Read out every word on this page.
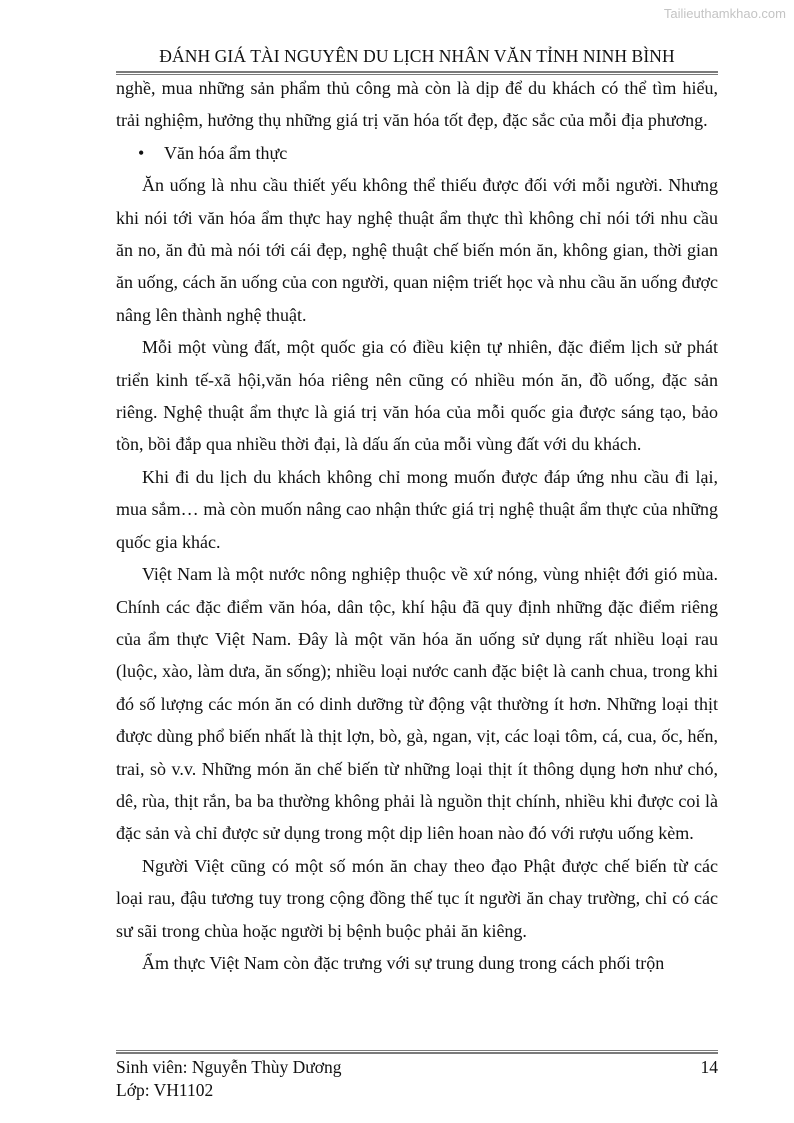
Tailieuthamkhao.com
ĐÁNH GIÁ TÀI NGUYÊN DU LỊCH NHÂN VĂN TỈNH NINH BÌNH

nghề, mua những sản phẩm thủ công mà còn là dịp để du khách có thể tìm hiểu, trải nghiệm, hưởng thụ những giá trị văn hóa tốt đẹp, đặc sắc của mỗi địa phương.

• Văn hóa ẩm thực

Ăn uống là nhu cầu thiết yếu không thể thiếu được đối với mỗi người. Nhưng khi nói tới văn hóa ẩm thực hay nghệ thuật ẩm thực thì không chỉ nói tới nhu cầu ăn no, ăn đủ mà nói tới cái đẹp, nghệ thuật chế biến món ăn, không gian, thời gian ăn uống, cách ăn uống của con người, quan niệm triết học và nhu cầu ăn uống được nâng lên thành nghệ thuật.

Mỗi một vùng đất, một quốc gia có điều kiện tự nhiên, đặc điểm lịch sử phát triển kinh tế-xã hội,văn hóa riêng nên cũng có nhiều món ăn, đồ uống, đặc sản riêng. Nghệ thuật ẩm thực là giá trị văn hóa của mỗi quốc gia được sáng tạo, bảo tồn, bồi đắp qua nhiều thời đại, là dấu ấn của mỗi vùng đất với du khách.

Khi đi du lịch du khách không chỉ mong muốn được đáp ứng nhu cầu đi lại, mua sắm… mà còn muốn nâng cao nhận thức giá trị nghệ thuật ẩm thực của những quốc gia khác.

Việt Nam là một nước nông nghiệp thuộc về xứ nóng, vùng nhiệt đới gió mùa. Chính các đặc điểm văn hóa, dân tộc, khí hậu đã quy định những đặc điểm riêng của ẩm thực Việt Nam. Đây là một văn hóa ăn uống sử dụng rất nhiều loại rau (luộc, xào, làm dưa, ăn sống); nhiều loại nước canh đặc biệt là canh chua, trong khi đó số lượng các món ăn có dinh dưỡng từ động vật thường ít hơn. Những loại thịt được dùng phổ biến nhất là thịt lợn, bò, gà, ngan, vịt, các loại tôm, cá, cua, ốc, hến, trai, sò v.v. Những món ăn chế biến từ những loại thịt ít thông dụng hơn như chó, dê, rùa, thịt rắn, ba ba thường không phải là nguồn thịt chính, nhiều khi được coi là đặc sản và chỉ được sử dụng trong một dịp liên hoan nào đó với rượu uống kèm.

Người Việt cũng có một số món ăn chay theo đạo Phật được chế biến từ các loại rau, đậu tương tuy trong cộng đồng thế tục ít người ăn chay trường, chỉ có các sư sãi trong chùa hoặc người bị bệnh buộc phải ăn kiêng.

Ẩm thực Việt Nam còn đặc trưng với sự trung dung trong cách phối trộn

Sinh viên: Nguyễn Thùy Dương
Lớp: VH1102
14
